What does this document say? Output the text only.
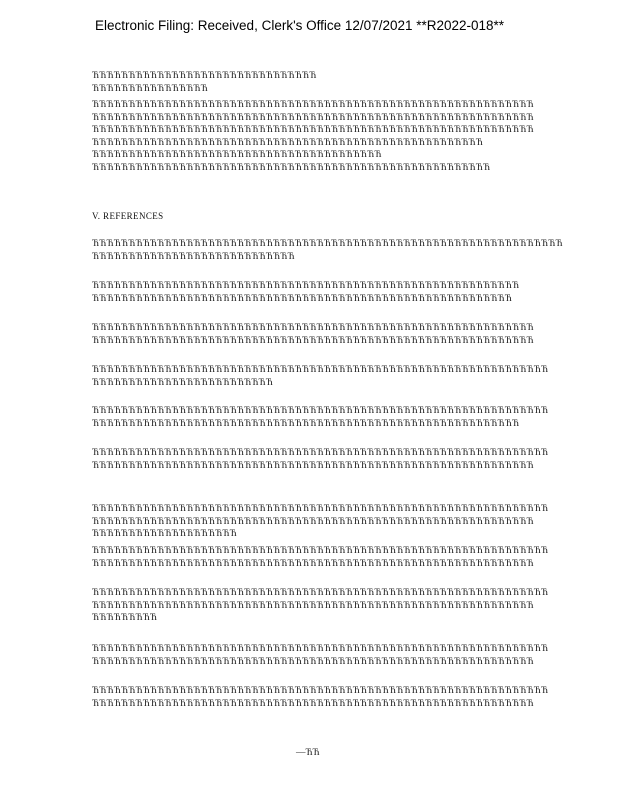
Electronic Filing: Received, Clerk's Office 12/07/2021 **R2022-018**
ЋЋЋЋЋЋЋЋЋЋЋЋЋЋЋЋЋЋЋЋЋЋЋЋЋЋЋЋЋЋЋ
ЋЋЋЋЋЋЋЋЋЋЋЋЋЋЋЋ
ЋЋЋЋЋЋЋЋЋЋЋЋЋЋЋЋЋЋЋЋЋЋЋЋЋЋЋЋЋЋЋЋЋЋЋЋЋЋЋЋЋЋЋЋЋЋЋЋЋЋЋЋЋЋЋЋЋЋЋЋЋ
ЋЋЋЋЋЋЋЋЋЋЋЋЋЋЋЋЋЋЋЋЋЋЋЋЋЋЋЋЋЋЋЋЋЋЋЋЋЋЋЋЋЋЋЋЋЋЋЋЋЋЋЋЋЋЋЋЋЋЋЋЋ
ЋЋЋЋЋЋЋЋЋЋЋЋЋЋЋЋЋЋЋЋЋЋЋЋЋЋЋЋЋЋЋЋЋЋЋЋЋЋЋЋЋЋЋЋЋЋЋЋЋЋЋЋЋЋЋЋЋЋЋЋЋ
ЋЋЋЋЋЋЋЋЋЋЋЋЋЋЋЋЋЋЋЋЋЋЋЋЋЋЋЋЋЋЋЋЋЋЋЋЋЋЋЋЋЋЋЋЋЋЋЋЋЋЋЋЋЋ
ЋЋЋЋЋЋЋЋЋЋЋЋЋЋЋЋЋЋЋЋЋЋЋЋЋЋЋЋЋЋЋЋЋЋЋЋЋЋЋЋ
ЋЋЋЋЋЋЋЋЋЋЋЋЋЋЋЋЋЋЋЋЋЋЋЋЋЋЋЋЋЋЋЋЋЋЋЋЋЋЋЋЋЋЋЋЋЋЋЋЋЋЋЋЋЋЋ
V. REFERENCES
ЋЋЋЋЋЋЋЋЋЋЋЋЋЋЋЋЋЋЋЋЋЋЋЋЋЋЋЋЋЋЋЋЋЋЋЋЋЋЋЋЋЋЋЋЋЋЋЋЋЋЋЋЋЋЋЋЋЋЋЋЋЋЋЋЋ
ЋЋЋЋЋЋЋЋЋЋЋЋЋЋЋЋЋЋЋЋЋЋЋЋЋЋЋЋ
ЋЋЋЋЋЋЋЋЋЋЋЋЋЋЋЋЋЋЋЋЋЋЋЋЋЋЋЋЋЋЋЋЋЋЋЋЋЋЋЋЋЋЋЋЋЋЋЋЋЋЋЋЋЋЋЋЋЋЋ
ЋЋЋЋЋЋЋЋЋЋЋЋЋЋЋЋЋЋЋЋЋЋЋЋЋЋЋЋЋЋЋЋЋЋЋЋЋЋЋЋЋЋЋЋЋЋЋЋЋЋЋЋЋЋЋЋЋЋ
ЋЋЋЋЋЋЋЋЋЋЋЋЋЋЋЋЋЋЋЋЋЋЋЋЋЋЋЋЋЋЋЋЋЋЋЋЋЋЋЋЋЋЋЋЋЋЋЋЋЋЋЋЋЋЋЋЋЋЋЋЋ
ЋЋЋЋЋЋЋЋЋЋЋЋЋЋЋЋЋЋЋЋЋЋЋЋЋЋЋЋЋЋЋЋЋЋЋЋЋЋЋЋЋЋЋЋЋЋЋЋЋЋЋЋЋЋЋЋЋЋЋЋЋ
ЋЋЋЋЋЋЋЋЋЋЋЋЋЋЋЋЋЋЋЋЋЋЋЋЋЋЋЋЋЋЋЋЋЋЋЋЋЋЋЋЋЋЋЋЋЋЋЋЋЋЋЋЋЋЋЋЋЋЋЋЋЋЋ
ЋЋЋЋЋЋЋЋЋЋЋЋЋЋЋЋЋЋЋЋЋЋЋЋЋ
ЋЋЋЋЋЋЋЋЋЋЋЋЋЋЋЋЋЋЋЋЋЋЋЋЋЋЋЋЋЋЋЋЋЋЋЋЋЋЋЋЋЋЋЋЋЋЋЋЋЋЋЋЋЋЋЋЋЋЋЋЋЋЋ
ЋЋЋЋЋЋЋЋЋЋЋЋЋЋЋЋЋЋЋЋЋЋЋЋЋЋЋЋЋЋЋЋЋЋЋЋЋЋЋЋЋЋЋЋЋЋЋЋЋЋЋЋЋЋЋЋЋЋЋ
ЋЋЋЋЋЋЋЋЋЋЋЋЋЋЋЋЋЋЋЋЋЋЋЋЋЋЋЋЋЋЋЋЋЋЋЋЋЋЋЋЋЋЋЋЋЋЋЋЋЋЋЋЋЋЋЋЋЋЋЋЋЋЋ
ЋЋЋЋЋЋЋЋЋЋЋЋЋЋЋЋЋЋЋЋЋЋЋЋЋЋЋЋЋЋЋЋЋЋЋЋЋЋЋЋЋЋЋЋЋЋЋЋЋЋЋЋЋЋЋЋЋЋЋЋЋ
ЋЋЋЋЋЋЋЋЋЋЋЋЋЋЋЋЋЋЋЋЋЋЋЋЋЋЋЋЋЋЋЋЋЋЋЋЋЋЋЋЋЋЋЋЋЋЋЋЋЋЋЋЋЋЋЋЋЋЋЋЋЋЋ
ЋЋЋЋЋЋЋЋЋЋЋЋЋЋЋЋЋЋЋЋЋЋЋЋЋЋЋЋЋЋЋЋЋЋЋЋЋЋЋЋЋЋЋЋЋЋЋЋЋЋЋЋЋЋЋЋЋЋЋЋЋ
ЋЋЋЋЋЋЋЋЋЋЋЋЋЋЋЋЋЋЋЋ
ЋЋЋЋЋЋЋЋЋЋЋЋЋЋЋЋЋЋЋЋЋЋЋЋЋЋЋЋЋЋЋЋЋЋЋЋЋЋЋЋЋЋЋЋЋЋЋЋЋЋЋЋЋЋЋЋЋЋЋЋЋЋЋ
ЋЋЋЋЋЋЋЋЋЋЋЋЋЋЋЋЋЋЋЋЋЋЋЋЋЋЋЋЋЋЋЋЋЋЋЋЋЋЋЋЋЋЋЋЋЋЋЋЋЋЋЋЋЋЋЋЋЋЋЋЋ
ЋЋЋЋЋЋЋЋЋЋЋЋЋЋЋЋЋЋЋЋЋЋЋЋЋЋЋЋЋЋЋЋЋЋЋЋЋЋЋЋЋЋЋЋЋЋЋЋЋЋЋЋЋЋЋЋЋЋЋЋЋЋЋ
ЋЋЋЋЋЋЋЋЋЋЋЋЋЋЋЋЋЋЋЋЋЋЋЋЋЋЋЋЋЋЋЋЋЋЋЋЋЋЋЋЋЋЋЋЋЋЋЋЋЋЋЋЋЋЋЋЋЋЋЋЋ
ЋЋЋЋЋЋЋЋЋ
ЋЋЋЋЋЋЋЋЋЋЋЋЋЋЋЋЋЋЋЋЋЋЋЋЋЋЋЋЋЋЋЋЋЋЋЋЋЋЋЋЋЋЋЋЋЋЋЋЋЋЋЋЋЋЋЋЋЋЋЋЋЋЋ
ЋЋЋЋЋЋЋЋЋЋЋЋЋЋЋЋЋЋЋЋЋЋЋЋЋЋЋЋЋЋЋЋЋЋЋЋЋЋЋЋЋЋЋЋЋЋЋЋЋЋЋЋЋЋЋЋЋЋЋЋЋ
ЋЋЋЋЋЋЋЋЋЋЋЋЋЋЋЋЋЋЋЋЋЋЋЋЋЋЋЋЋЋЋЋЋЋЋЋЋЋЋЋЋЋЋЋЋЋЋЋЋЋЋЋЋЋЋЋЋЋЋЋЋЋЋ
ЋЋЋЋЋЋЋЋЋЋЋЋЋЋЋЋЋЋЋЋЋЋЋЋЋЋЋЋЋЋЋЋЋЋЋЋЋЋЋЋЋЋЋЋЋЋЋЋЋЋЋЋЋЋЋЋЋЋЋЋЋ
—ЋЋ
